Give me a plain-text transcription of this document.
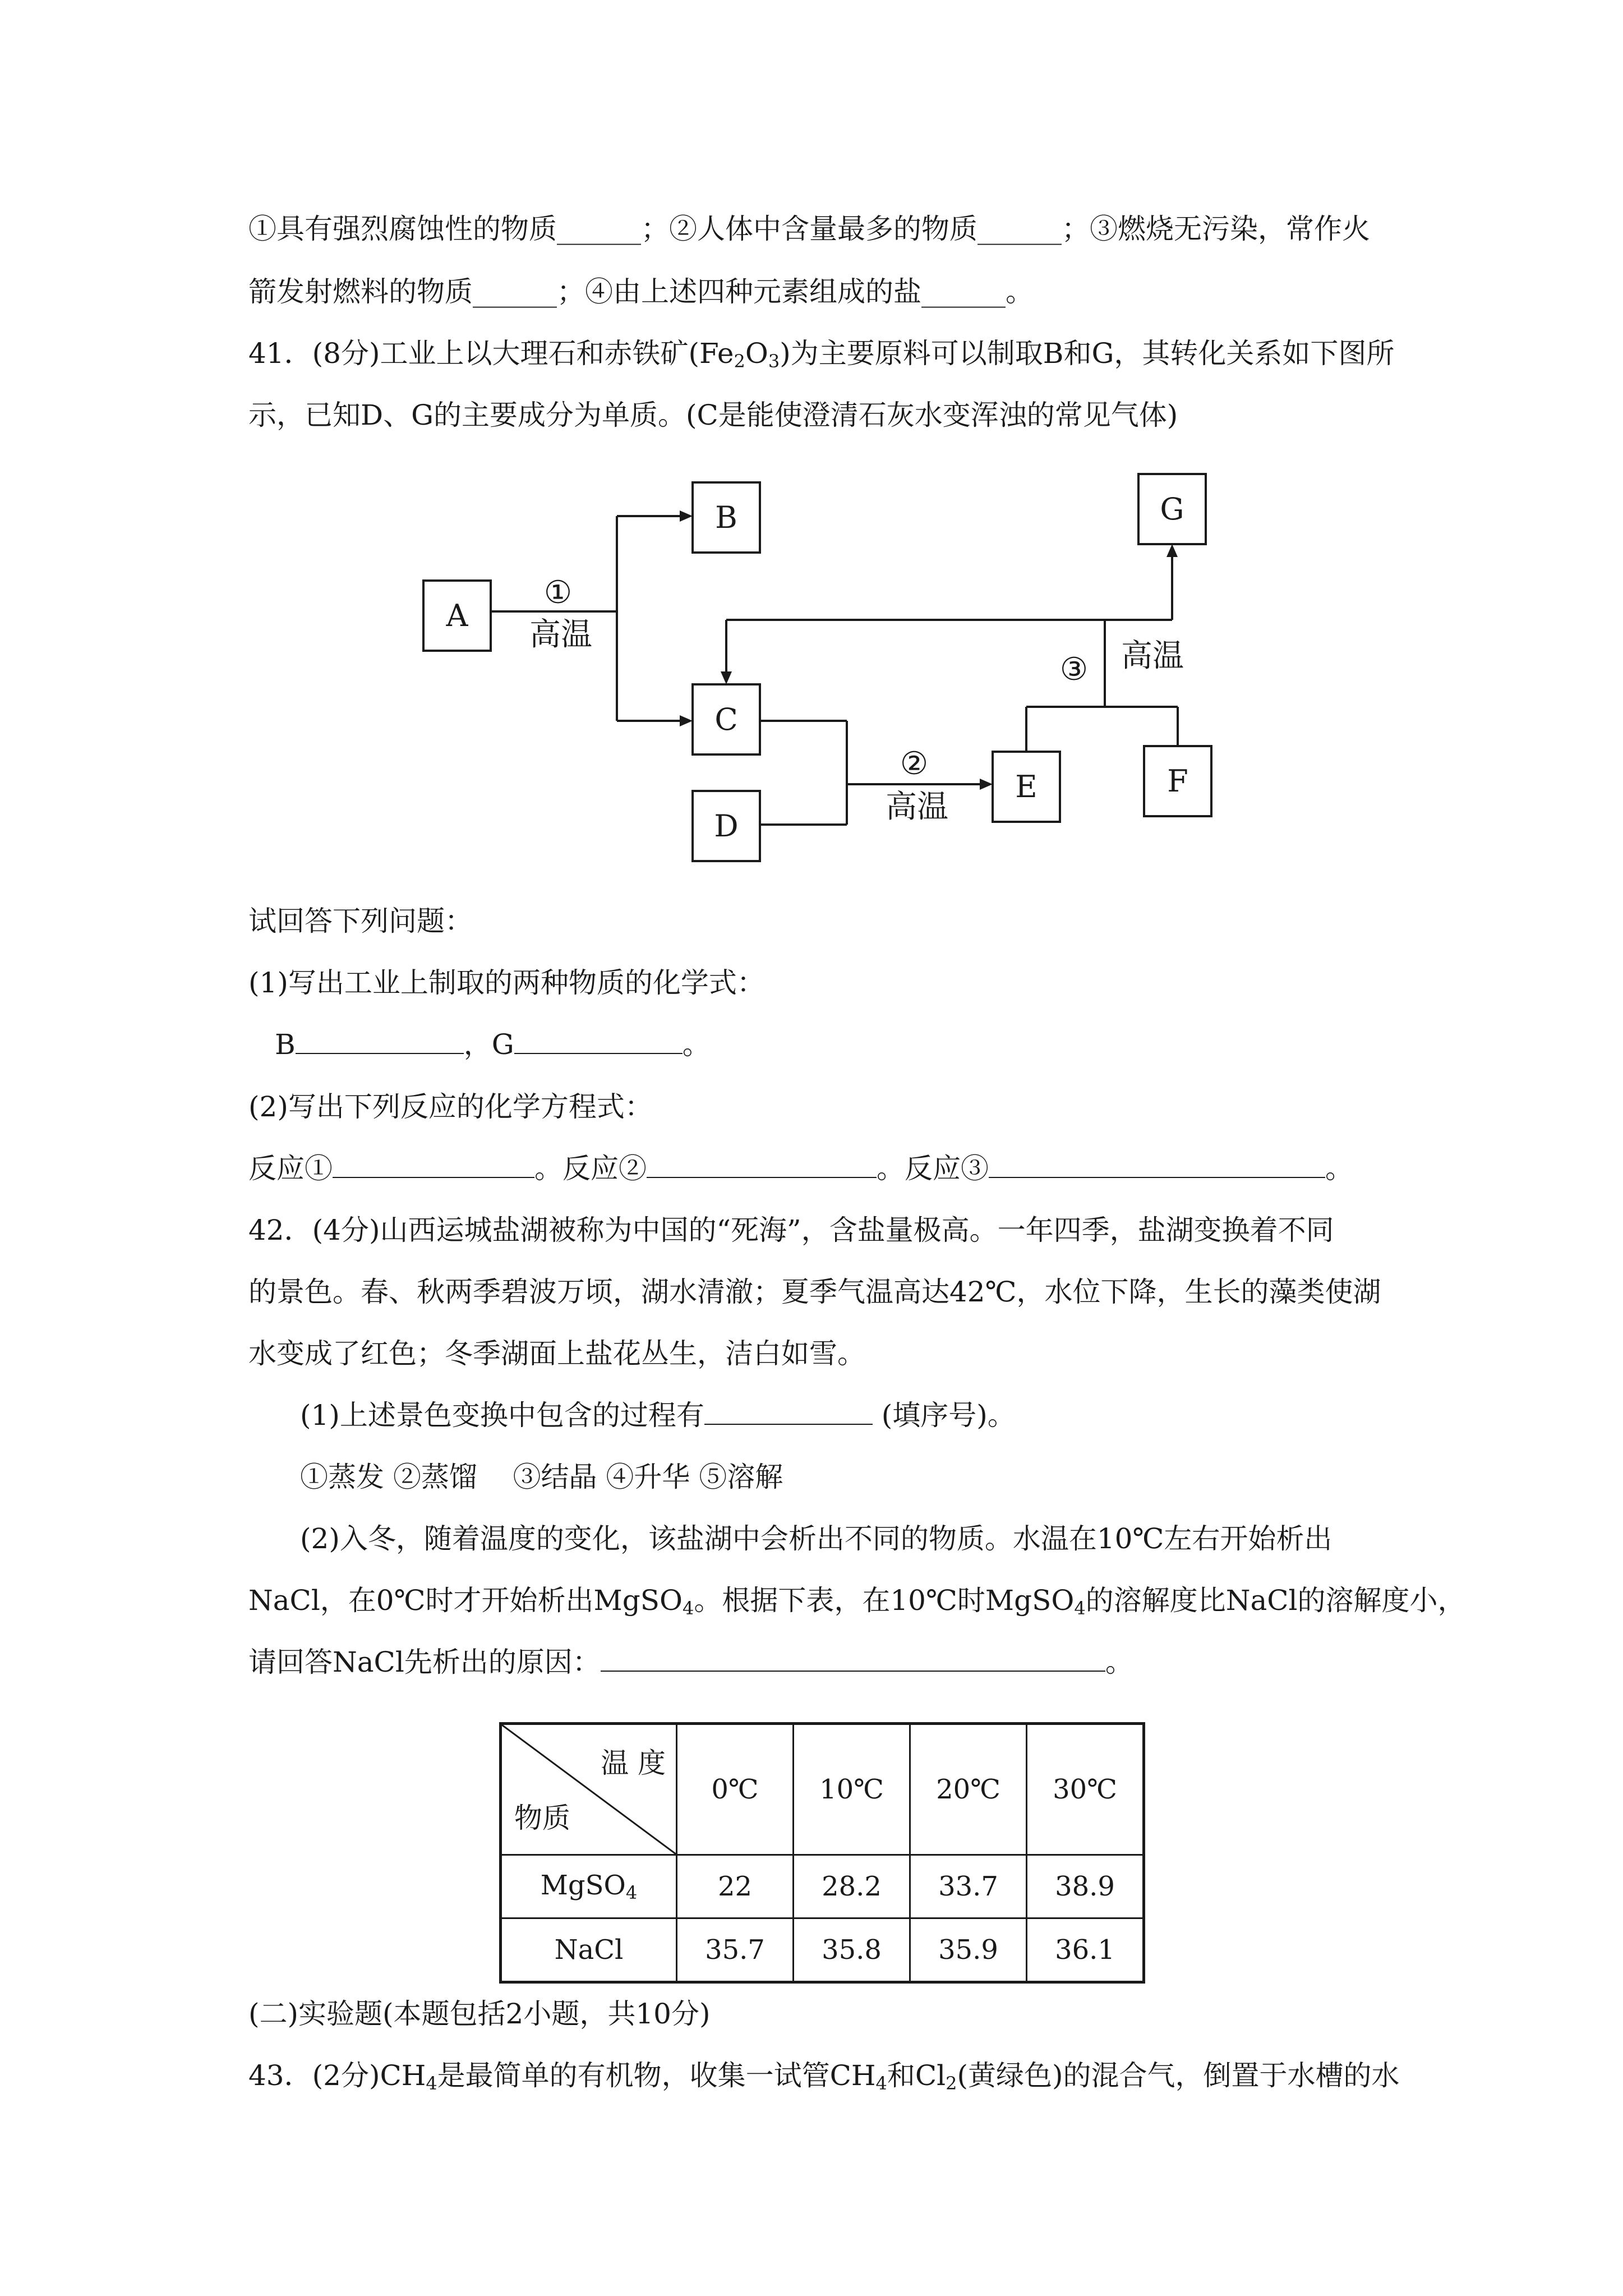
①具有强烈腐蚀性的物质______；②人体中含量最多的物质______；③燃烧无污染，常作火
箭发射燃料的物质______；④由上述四种元素组成的盐______。
41．(8分)工业上以大理石和赤铁矿$(Fe_2O_3)$为主要原料可以制取B和G，其转化关系如下图所
示，已知D、G的主要成分为单质。(C是能使澄清石灰水变浑浊的常见气体)
A
B
C
D
E	F
G
①
高温
②
高温
③ 高温
试回答下列问题：
(1)写出工业上制取的两种物质的化学式：
B	，G	。
(2)写出下列反应的化学方程式：
反应①	。反应②	。反应③	。
42．(4分)山西运城盐湖被称为中国的“死海”，含盐量极高。一年四季，盐湖变换着不同
的景色。春、秋两季碧波万顷，湖水清澈；夏季气温高达42℃，水位下降，生长的藻类使湖
水变成了红色；冬季湖面上盐花丛生，洁白如雪。
(1)上述景色变换中包含的过程有	(填序号)。
①蒸发 ②蒸馏    ③结晶 ④升华 ⑤溶解
(2)入冬，随着温度的变化，该盐湖中会析出不同的物质。水温在10℃左右开始析出
NaCl，在0℃时才开始析出MgSO$_4$。根据下表，在10℃时MgSO$_4$的溶解度比NaCl的溶解度小，
请回答NaCl先析出的原因：	。
温 度
物质	0℃	10℃	20℃	30℃
MgSO$_4$	22	28.2	33.7	38.9
NaCl	35.7	35.8	35.9	36.1
(二)实验题(本题包括2小题，共10分)
43．(2分)$CH_4$是最简单的有机物，收集一试管$CH_4$和$Cl_2$(黄绿色)的混合气，倒置于水槽的水
